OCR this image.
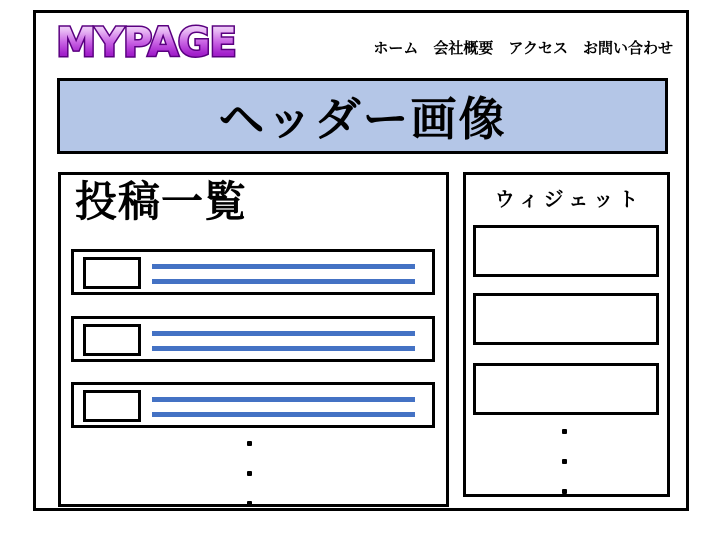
MYPAGE	ホーム 会社概要 アクセス お問い合わせ
ヘッダー画像
投稿一覧	ウィジェット
